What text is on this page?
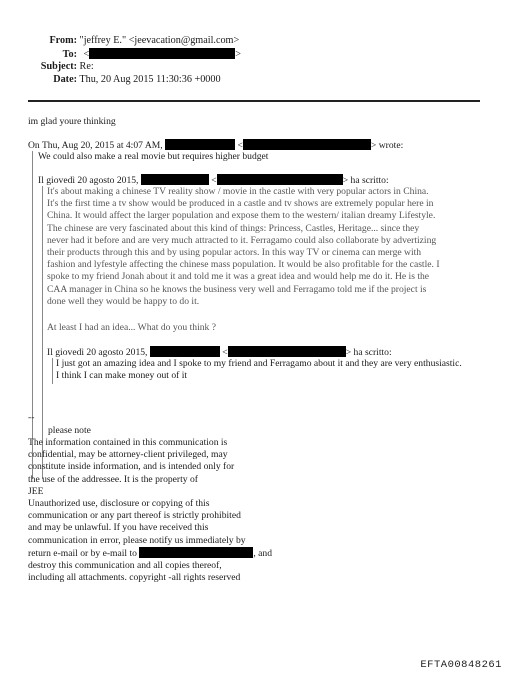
From: "jeffrey E." <jeevacation@gmail.com>
To: <	>
Subject: Re:
Date: Thu, 20 Aug 2015 11:30:36 +0000
im glad youre thinking
On Thu, Aug 20, 2015 at 4:07 AM,	<	> wrote:
We could also make a real movie but requires higher budget
Il giovedì 20 agosto 2015,	<	> ha scritto:
It's about making a chinese TV reality show / movie in the castle with very popular actors in China.
It's the first time a tv show would be produced in a castle and tv shows are extremely popular here in
China. It would affect the larger population and expose them to the western/ italian dreamy Lifestyle.
The chinese are very fascinated about this kind of things: Princess, Castles, Heritage... since they
never had it before and are very much attracted to it. Ferragamo could also collaborate by advertizing
their products through this and by using popular actors. In this way TV or cinema can merge with
fashion and lyfestyle affecting the chinese mass population. It would be also profitable for the castle. I
spoke to my friend Jonah about it and told me it was a great idea and would help me do it. He is the
CAA manager in China so he knows the business very well and Ferragamo told me if the project is
done well they would be happy to do it.
At least I had an idea... What do you think ?
Il giovedì 20 agosto 2015,	<	> ha scritto:
I just got an amazing idea and I spoke to my friend and Ferragamo about it and they are very enthusiastic.
I think I can make money out of it
--
please note
The information contained in this communication is
confidential, may be attorney-client privileged, may
constitute inside information, and is intended only for
the use of the addressee. It is the property of
JEE
Unauthorized use, disclosure or copying of this
communication or any part thereof is strictly prohibited
and may be unlawful. If you have received this
communication in error, please notify us immediately by
return e-mail or by e-mail to	, and
destroy this communication and all copies thereof,
including all attachments. copyright -all rights reserved
EFTA00848261
